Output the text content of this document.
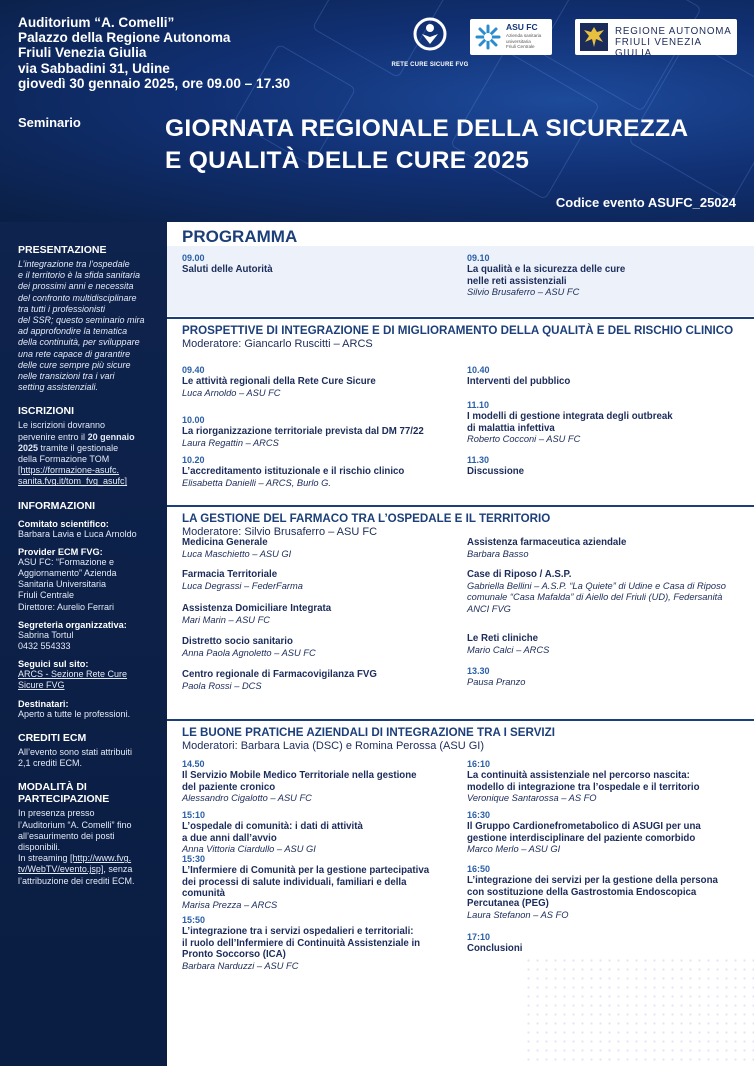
Auditorium “A. Comelli”
Palazzo della Regione Autonoma
Friuli Venezia Giulia
via Sabbadini 31, Udine
giovedì 30 gennaio 2025, ore 09.00 – 17.30
RETE CURE SICURE FVG
ASU FC
Azienda sanitaria
universitaria
Friuli Centrale
REGIONE AUTONOMA
FRIULI VENEZIA GIULIA
Seminario	GIORNATA REGIONALE DELLA SICUREZZA
E QUALITÀ DELLE CURE 2025
Codice evento ASUFC_25024
PRESENTAZIONE
L’integrazione tra l’ospedale
e il territorio è la sfida sanitaria
dei prossimi anni e necessita
del confronto multidisciplinare
tra tutti i professionisti
del SSR; questo seminario mira
ad approfondire la tematica
della continuità, per sviluppare
una rete capace di garantire
delle cure sempre più sicure
nelle transizioni tra i vari
setting assistenziali.
ISCRIZIONI
Le iscrizioni dovranno
pervenire entro il 20 gennaio
2025 tramite il gestionale
della Formazione TOM
[https://formazione-asufc.
sanita.fvg.it/tom_fvg_asufc]
INFORMAZIONI
Comitato scientifico:
Barbara Lavia e Luca Arnoldo
Provider ECM FVG:
ASU FC: “Formazione e
Aggiornamento” Azienda
Sanitaria Universitaria
Friuli Centrale
Direttore: Aurelio Ferrari
Segreteria organizzativa:
Sabrina Tortul
0432 554333
Seguici sul sito:
ARCS - Sezione Rete Cure
Sicure FVG
Destinatari:
Aperto a tutte le professioni.
CREDITI ECM
All’evento sono stati attribuiti
2,1 crediti ECM.
MODALITÀ DI
PARTECIPAZIONE
In presenza presso
l’Auditorium “A. Comelli” fino
all’esaurimento dei posti
disponibili.
In streaming [http://www.fvg.
tv/WebTV/evento.jsp], senza
l’attribuzione dei crediti ECM.
PROGRAMMA
09.00
Saluti delle Autorità
09.10
La qualità e la sicurezza delle cure
nelle reti assistenziali
Silvio Brusaferro – ASU FC
PROSPETTIVE DI INTEGRAZIONE E DI MIGLIORAMENTO DELLA QUALITÀ E DEL RISCHIO CLINICO
Moderatore: Giancarlo Ruscitti – ARCS
09.40
Le attività regionali della Rete Cure Sicure
Luca Arnoldo – ASU FC
10.00
La riorganizzazione territoriale prevista dal DM 77/22
Laura Regattin – ARCS
10.20
L’accreditamento istituzionale e il rischio clinico
Elisabetta Danielli – ARCS, Burlo G.
10.40
Interventi del pubblico
11.10
I modelli di gestione integrata degli outbreak
di malattia infettiva
Roberto Cocconi – ASU FC
11.30
Discussione
LA GESTIONE DEL FARMACO TRA L’OSPEDALE E IL TERRITORIO
Moderatore: Silvio Brusaferro – ASU FC
Medicina Generale
Luca Maschietto – ASU GI
Farmacia Territoriale
Luca Degrassi – FederFarma
Assistenza Domiciliare Integrata
Mari Marin – ASU FC
Distretto socio sanitario
Anna Paola Agnoletto – ASU FC
Centro regionale di Farmacovigilanza FVG
Paola Rossi – DCS
Assistenza farmaceutica aziendale
Barbara Basso
Case di Riposo / A.S.P.
Gabriella Bellini – A.S.P. “La Quiete” di Udine e Casa di Riposo
comunale “Casa Mafalda” di Aiello del Friuli (UD), Federsanità
ANCI FVG
Le Reti cliniche
Mario Calci – ARCS
13.30
Pausa Pranzo
LE BUONE PRATICHE AZIENDALI DI INTEGRAZIONE TRA I SERVIZI
Moderatori: Barbara Lavia (DSC) e Romina Perossa (ASU GI)
14.50
Il Servizio Mobile Medico Territoriale nella gestione
del paziente cronico
Alessandro Cigalotto – ASU FC
15:10
L’ospedale di comunità: i dati di attività
a due anni dall’avvio
Anna Vittoria Ciardullo – ASU GI
15:30
L’Infermiere di Comunità per la gestione partecipativa
dei processi di salute individuali, familiari e della
comunità
Marisa Prezza – ARCS
15:50
L’integrazione tra i servizi ospedalieri e territoriali:
il ruolo dell’Infermiere di Continuità Assistenziale in
Pronto Soccorso (ICA)
Barbara Narduzzi – ASU FC
16:10
La continuità assistenziale nel percorso nascita:
modello di integrazione tra l’ospedale e il territorio
Veronique Santarossa – AS FO
16:30
Il Gruppo Cardionefrometabolico di ASUGI per una
gestione interdisciplinare del paziente comorbido
Marco Merlo – ASU GI
16:50
L’integrazione dei servizi per la gestione della persona
con sostituzione della Gastrostomia Endoscopica
Percutanea (PEG)
Laura Stefanon – AS FO
17:10
Conclusioni
